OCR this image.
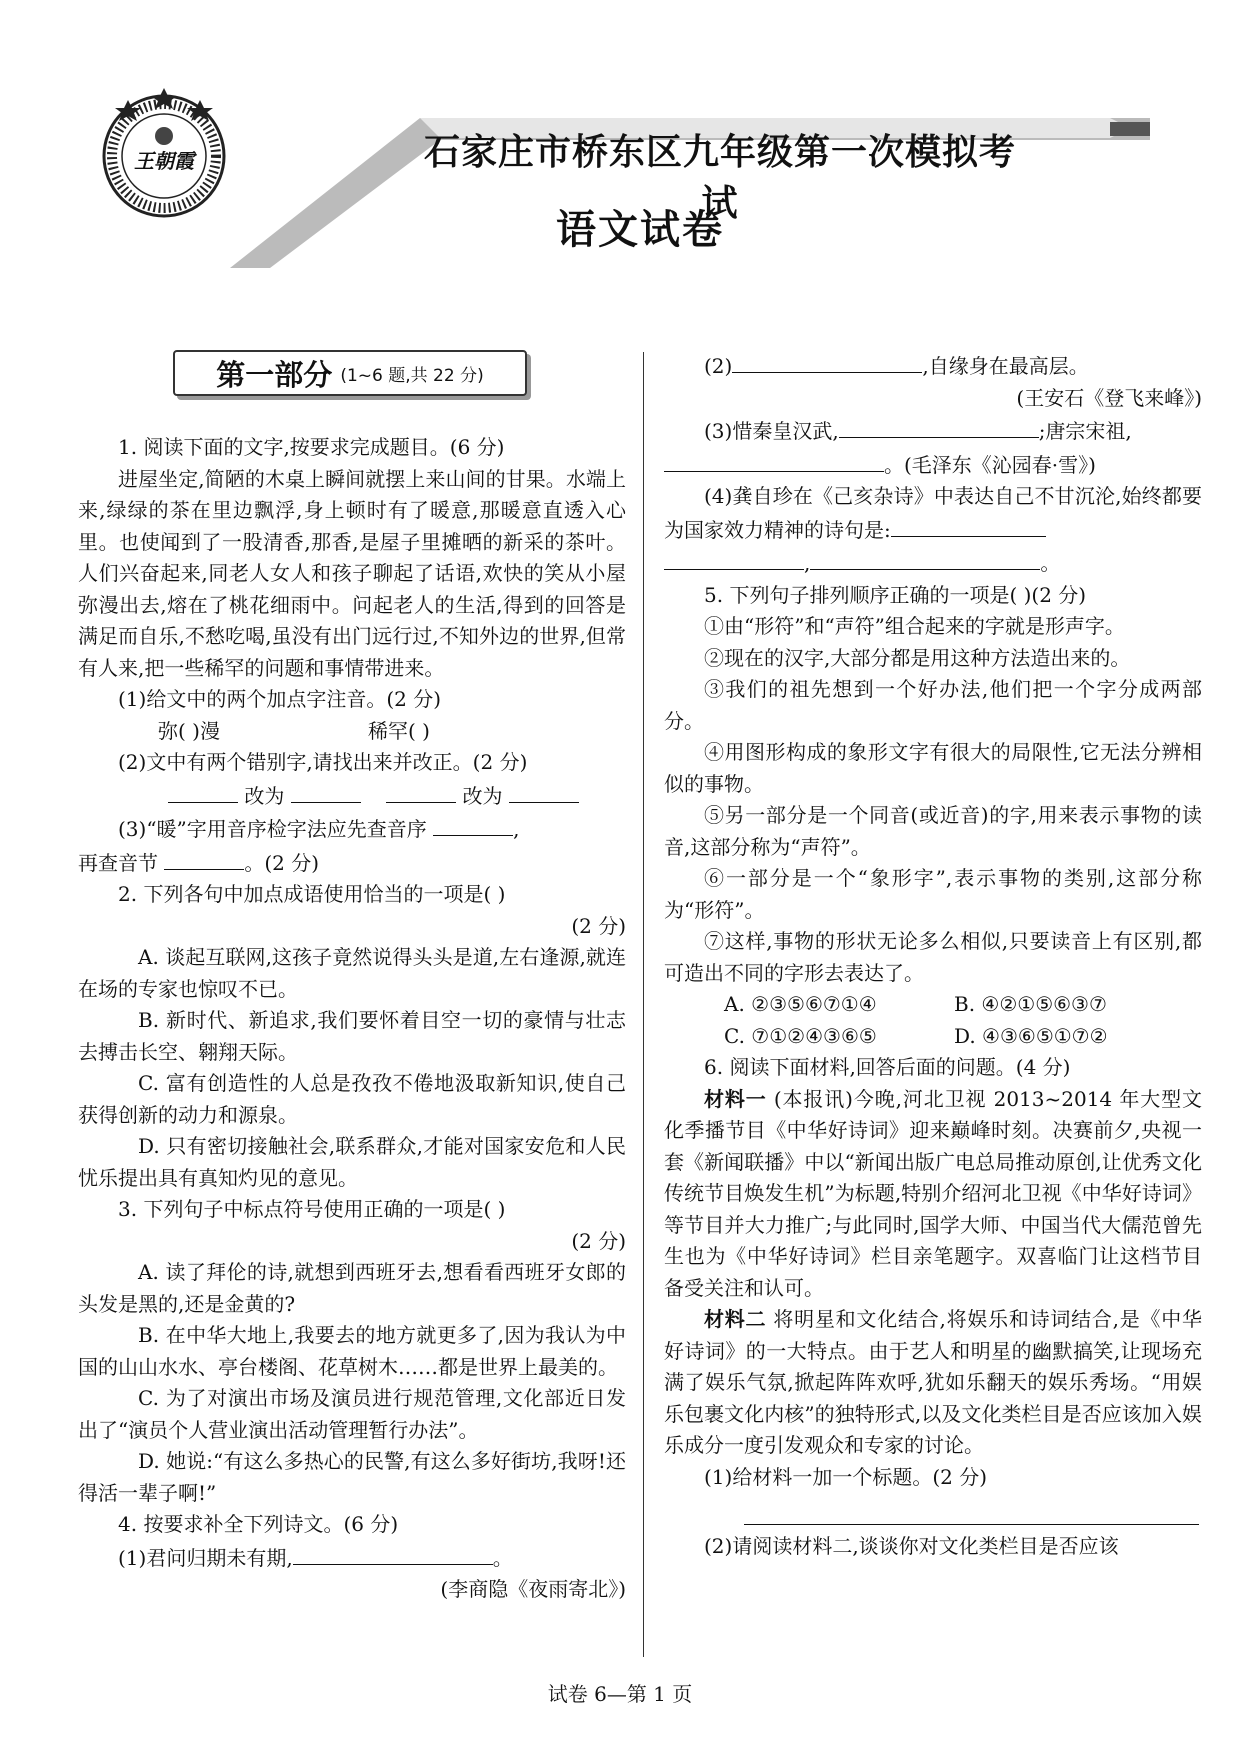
王朝霞	石家庄市桥东区九年级第一次模拟考试
语文试卷
第一部分 (1~6 题,共 22 分)
1. 阅读下面的文字,按要求完成题目。(6 分)
进屋坐定,简陋的木桌上瞬间就摆上来山间的甘果。水端上来,绿绿的茶在里边飘浮,身上顿时有了暖意,那暖意直透入心里。也使闻到了一股清香,那香,是屋子里摊晒的新采的茶叶。人们兴奋起来,同老人女人和孩子聊起了话语,欢快的笑从小屋弥漫出去,熔在了桃花细雨中。问起老人的生活,得到的回答是满足而自乐,不愁吃喝,虽没有出门远行过,不知外边的世界,但常有人来,把一些稀罕的问题和事情带进来。
(1)给文中的两个加点字注音。(2 分)
弥( )漫	稀罕( )
(2)文中有两个错别字,请找出来并改正。(2 分)
改为	改为
(3)“暖”字用音序检字法应先查音序	,
再查音节	。(2 分)
2. 下列各句中加点成语使用恰当的一项是( )
(2 分)
A. 谈起互联网,这孩子竟然说得头头是道,左右逢源,就连在场的专家也惊叹不已。
B. 新时代、新追求,我们要怀着目空一切的豪情与壮志去搏击长空、翱翔天际。
C. 富有创造性的人总是孜孜不倦地汲取新知识,使自己获得创新的动力和源泉。
D. 只有密切接触社会,联系群众,才能对国家安危和人民忧乐提出具有真知灼见的意见。
3. 下列句子中标点符号使用正确的一项是( )
(2 分)
A. 读了拜伦的诗,就想到西班牙去,想看看西班牙女郎的头发是黑的,还是金黄的?
B. 在中华大地上,我要去的地方就更多了,因为我认为中国的山山水水、亭台楼阁、花草树木……都是世界上最美的。
C. 为了对演出市场及演员进行规范管理,文化部近日发出了“演员个人营业演出活动管理暂行办法”。
D. 她说:“有这么多热心的民警,有这么多好街坊,我呀!还得活一辈子啊!”
4. 按要求补全下列诗文。(6 分)
(1)君问归期未有期,	。
(李商隐《夜雨寄北》)
(2)	,自缘身在最高层。
(王安石《登飞来峰》)
(3)惜秦皇汉武,	;唐宗宋祖,
。(毛泽东《沁园春·雪》)
(4)龚自珍在《己亥杂诗》中表达自己不甘沉沦,始终都要为国家效力精神的诗句是:
,	。
5. 下列句子排列顺序正确的一项是( )(2 分)
①由“形符”和“声符”组合起来的字就是形声字。
②现在的汉字,大部分都是用这种方法造出来的。
③我们的祖先想到一个好办法,他们把一个字分成两部分。
④用图形构成的象形文字有很大的局限性,它无法分辨相似的事物。
⑤另一部分是一个同音(或近音)的字,用来表示事物的读音,这部分称为“声符”。
⑥一部分是一个“象形字”,表示事物的类别,这部分称为“形符”。
⑦这样,事物的形状无论多么相似,只要读音上有区别,都可造出不同的字形去表达了。
A. ②③⑤⑥⑦①④	B. ④②①⑤⑥③⑦
C. ⑦①②④③⑥⑤	D. ④③⑥⑤①⑦②
6. 阅读下面材料,回答后面的问题。(4 分)
材料一 (本报讯)今晚,河北卫视 2013~2014 年大型文化季播节目《中华好诗词》迎来巅峰时刻。决赛前夕,央视一套《新闻联播》中以“新闻出版广电总局推动原创,让优秀文化传统节目焕发生机”为标题,特别介绍河北卫视《中华好诗词》等节目并大力推广;与此同时,国学大师、中国当代大儒范曾先生也为《中华好诗词》栏目亲笔题字。双喜临门让这档节目备受关注和认可。
材料二 将明星和文化结合,将娱乐和诗词结合,是《中华好诗词》的一大特点。由于艺人和明星的幽默搞笑,让现场充满了娱乐气氛,掀起阵阵欢呼,犹如乐翻天的娱乐秀场。“用娱乐包裹文化内核”的独特形式,以及文化类栏目是否应该加入娱乐成分一度引发观众和专家的讨论。
(1)给材料一加一个标题。(2 分)
(2)请阅读材料二,谈谈你对文化类栏目是否应该
试卷 6—第 1 页
